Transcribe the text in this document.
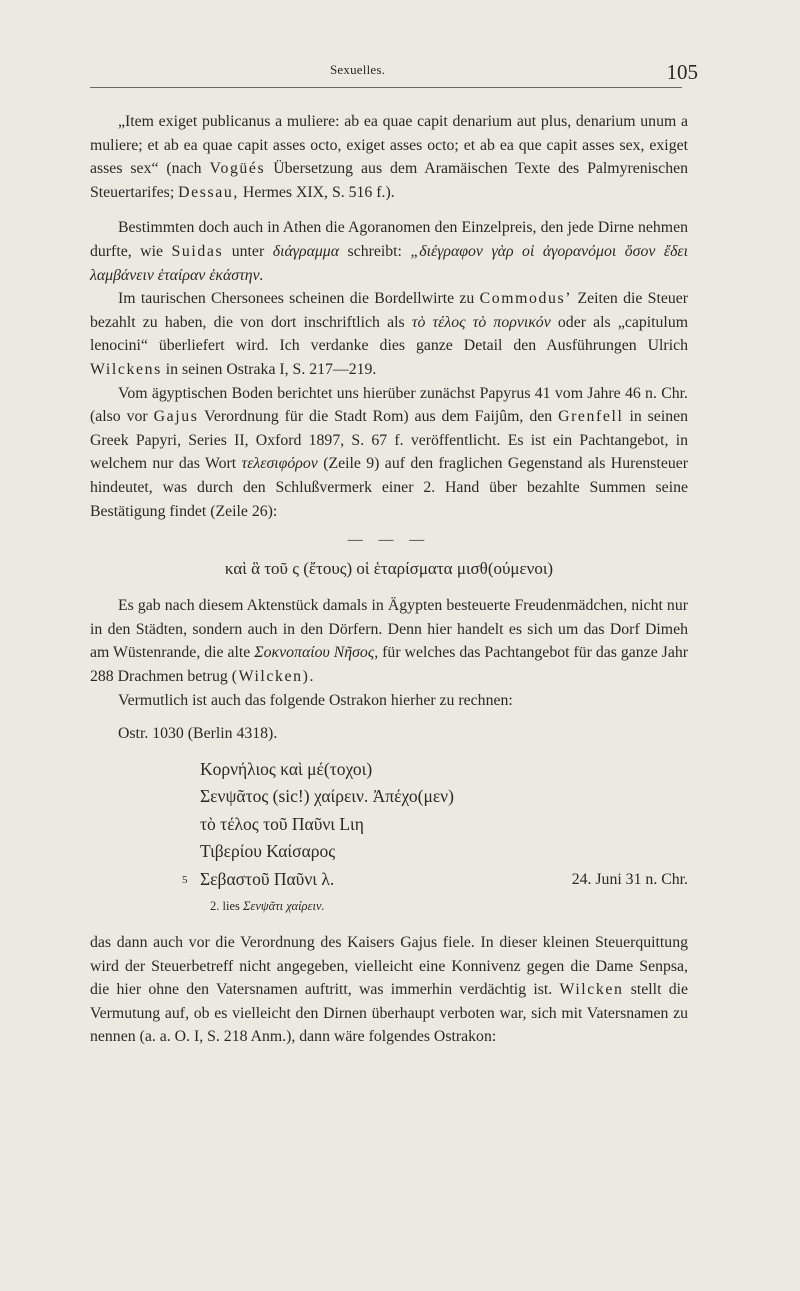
Sexuelles.	105

„Item exiget publicanus a muliere: ab ea quae capit denarium aut plus, denarium unum a muliere; et ab ea quae capit asses octo, exiget asses octo; et ab ea que capit asses sex, exiget asses sex“ (nach Vogüés Übersetzung aus dem Aramäischen Texte des Palmyrenischen Steuertarifes; Dessau, Hermes XIX, S. 516 f.).

Bestimmten doch auch in Athen die Agoranomen den Einzelpreis, den jede Dirne nehmen durfte, wie Suidas unter διάγραμμα schreibt: „διέγραφον γὰρ οἱ ἀγορανόμοι ὅσον ἔδει λαμβάνειν ἑταίραν ἑκάστην.

Im taurischen Chersonees scheinen die Bordellwirte zu Commodus’ Zeiten die Steuer bezahlt zu haben, die von dort inschriftlich als τὸ τέλος τὸ πορνικόν oder als „capitulum lenocini“ überliefert wird. Ich verdanke dies ganze Detail den Ausführungen Ulrich Wilckens in seinen Ostraka I, S. 217—219.

Vom ägyptischen Boden berichtet uns hierüber zunächst Papyrus 41 vom Jahre 46 n. Chr. (also vor Gajus Verordnung für die Stadt Rom) aus dem Faijûm, den Grenfell in seinen Greek Papyri, Series II, Oxford 1897, S. 67 f. veröffentlicht. Es ist ein Pachtangebot, in welchem nur das Wort τελεσιφόρον (Zeile 9) auf den fraglichen Gegenstand als Hurensteuer hindeutet, was durch den Schlußvermerk einer 2. Hand über bezahlte Summen seine Bestätigung findet (Zeile 26):

— — —
καὶ ἃ τοῦ ς (ἔτους) οἱ ἑταρίσματα μισθ(ούμενοι)

Es gab nach diesem Aktenstück damals in Ägypten besteuerte Freudenmädchen, nicht nur in den Städten, sondern auch in den Dörfern. Denn hier handelt es sich um das Dorf Dimeh am Wüstenrande, die alte Σοκνοπαίου Νῆσος, für welches das Pachtangebot für das ganze Jahr 288 Drachmen betrug (Wilcken).

Vermutlich ist auch das folgende Ostrakon hierher zu rechnen:

Ostr. 1030 (Berlin 4318).

Κορνήλιος καὶ μέ(τοχοι)
Σενψᾶτος (sic!) χαίρειν. Ἀπέχο(μεν)
τὸ τέλος τοῦ Παῦνι Lιη
Τιβερίου Καίσαρος
5 Σεβαστοῦ Παῦνι λ.	24. Juni 31 n. Chr.
2. lies Σενψᾶτι χαίρειν.

das dann auch vor die Verordnung des Kaisers Gajus fiele. In dieser kleinen Steuerquittung wird der Steuerbetreff nicht angegeben, vielleicht eine Konnivenz gegen die Dame Senpsa, die hier ohne den Vatersnamen auftritt, was immerhin verdächtig ist. Wilcken stellt die Vermutung auf, ob es vielleicht den Dirnen überhaupt verboten war, sich mit Vatersnamen zu nennen (a. a. O. I, S. 218 Anm.), dann wäre folgendes Ostrakon:
